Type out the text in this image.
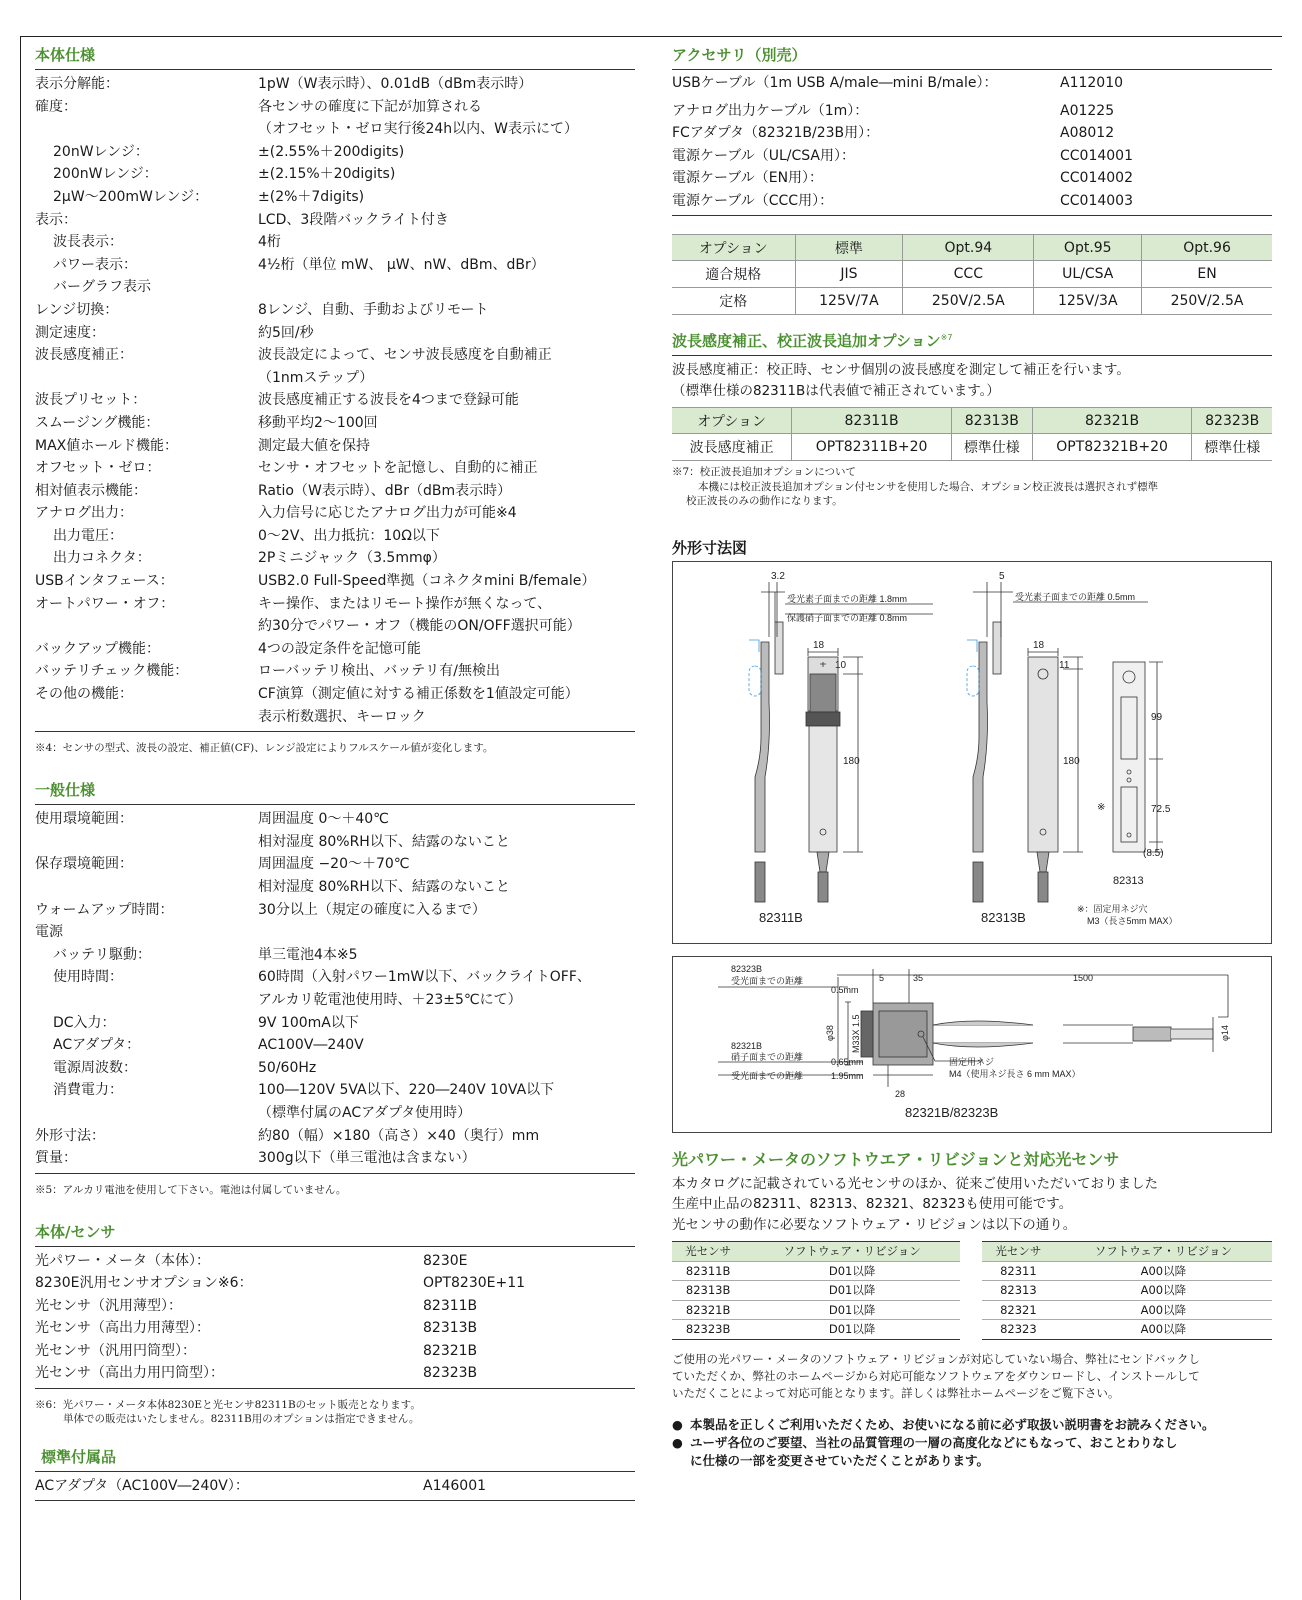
本体仕様
表示分解能：	1pW（W表示時）、0.01dB（dBm表示時）
確度：	各センサの確度に下記が加算される
（オフセット・ゼロ実行後24h以内、W表示にて）
20nWレンジ：	±(2.55%＋200digits)
200nWレンジ：	±(2.15%＋20digits)
2μW～200mWレンジ：	±(2%＋7digits)
表示：	LCD、3段階バックライト付き
波長表示：	4桁
パワー表示：	4½桁（単位 mW、 μW、nW、dBm、dBr）
バーグラフ表示
レンジ切換：	8レンジ、自動、手動およびリモート
測定速度：	約5回/秒
波長感度補正：	波長設定によって、センサ波長感度を自動補正
（1nmステップ）
波長プリセット：	波長感度補正する波長を4つまで登録可能
スムージング機能：	移動平均2～100回
MAX値ホールド機能：	測定最大値を保持
オフセット・ゼロ：	センサ・オフセットを記憶し、自動的に補正
相対値表示機能：	Ratio（W表示時）、dBr（dBm表示時）
アナログ出力：	入力信号に応じたアナログ出力が可能※4
出力電圧：	0～2V、出力抵抗：10Ω以下
出力コネクタ：	2Pミニジャック（3.5mmφ）
USBインタフェース：	USB2.0 Full-Speed準拠（コネクタmini B/female）
オートパワー・オフ：	キー操作、またはリモート操作が無くなって、
約30分でパワー・オフ（機能のON/OFF選択可能）
バックアップ機能：	4つの設定条件を記憶可能
バッテリチェック機能：	ローバッテリ検出、バッテリ有/無検出
その他の機能：	CF演算（測定値に対する補正係数を1値設定可能）
表示桁数選択、キーロック
※4：センサの型式、波長の設定、補正値(CF)、レンジ設定によりフルスケール値が変化します。
一般仕様
使用環境範囲：	周囲温度 0～＋40℃
相対湿度 80%RH以下、結露のないこと
保存環境範囲：	周囲温度 −20～＋70℃
相対湿度 80%RH以下、結露のないこと
ウォームアップ時間：	30分以上（規定の確度に入るまで）
電源
バッテリ駆動：	単三電池4本※5
使用時間：	60時間（入射パワー1mW以下、バックライトOFF、
アルカリ乾電池使用時、＋23±5℃にて）
DC入力：	9V 100mA以下
ACアダプタ：	AC100V―240V
電源周波数：	50/60Hz
消費電力：	100―120V 5VA以下、220―240V 10VA以下
（標準付属のACアダプタ使用時）
外形寸法：	約80（幅）×180（高さ）×40（奥行）mm
質量：	300g以下（単三電池は含まない）
※5：アルカリ電池を使用して下さい。電池は付属していません。
本体/センサ
光パワー・メータ（本体）：	8230E
8230E汎用センサオプション※6：	OPT8230E+11
光センサ（汎用薄型）：	82311B
光センサ（高出力用薄型）：	82313B
光センサ（汎用円筒型）：	82321B
光センサ（高出力用円筒型）：	82323B
※6：光パワー・メータ本体8230Eと光センサ82311Bのセット販売となります。
単体での販売はいたしません。82311B用のオプションは指定できません。
標準付属品
ACアダプタ（AC100V―240V）：	A146001
アクセサリ（別売）
USBケーブル（1m USB A/male―mini B/male）：	A112010
アナログ出力ケーブル（1m）：	A01225
FCアダプタ（82321B/23B用）：	A08012
電源ケーブル（UL/CSA用）：	CC014001
電源ケーブル（EN用）：	CC014002
電源ケーブル（CCC用）：	CC014003
オプション	標準	Opt.94	Opt.95	Opt.96
適合規格	JIS	CCC	UL/CSA	EN
定格	125V/7A	250V/2.5A	125V/3A	250V/2.5A
波長感度補正、校正波長追加オプション$^{※7}$
波長感度補正：校正時、センサ個別の波長感度を測定して補正を行います。
（標準仕様の82311Bは代表値で補正されています。）
オプション	82311B	82313B	82321B	82323B
波長感度補正	OPT82311B+20	標準仕様	OPT82321B+20	標準仕様
※7：校正波長追加オプションについて
本機には校正波長追加オプション付センサを使用した場合、オプション校正波長は選択されず標準
校正波長のみの動作になります。
外形寸法図
3.2
受光素子面までの距離 1.8mm
保護硝子面までの距離 0.8mm
18
10
180
82311B
5
受光素子面までの距離 0.5mm
18
11
180
82313B
99
72.5
(8.5)
※
82313
※：固定用ネジ穴
M3（長さ5mm MAX）
82323B
受光面までの距離
0.5mm
82321B
硝子面までの距離	0.65mm
受光面までの距離	1.95mm
5	35	1500
φ38 M33X 1.5	φ14
28
固定用ネジ
M4（使用ネジ長さ 6 mm MAX）
82321B/82323B
光パワー・メータのソフトウエア・リビジョンと対応光センサ
本カタログに記載されている光センサのほか、従来ご使用いただいておりました
生産中止品の82311、82313、82321、82323も使用可能です。
光センサの動作に必要なソフトウェア・リビジョンは以下の通り。
光センサ	ソフトウェア・リビジョン
82311B	D01以降
82313B	D01以降
82321B	D01以降
82323B	D01以降
光センサ	ソフトウェア・リビジョン
82311	A00以降
82313	A00以降
82321	A00以降
82323	A00以降
ご使用の光パワー・メータのソフトウェア・リビジョンが対応していない場合、弊社にセンドバックし
ていただくか、弊社のホームページから対応可能なソフトウェアをダウンロードし、インストールして
いただくことによって対応可能となります。詳しくは弊社ホームページをご覧下さい。
● 本製品を正しくご利用いただくため、お使いになる前に必ず取扱い説明書をお読みください。
● ユーザ各位のご要望、当社の品質管理の一層の高度化などにもなって、おことわりなし
に仕様の一部を変更させていただくことがあります。
